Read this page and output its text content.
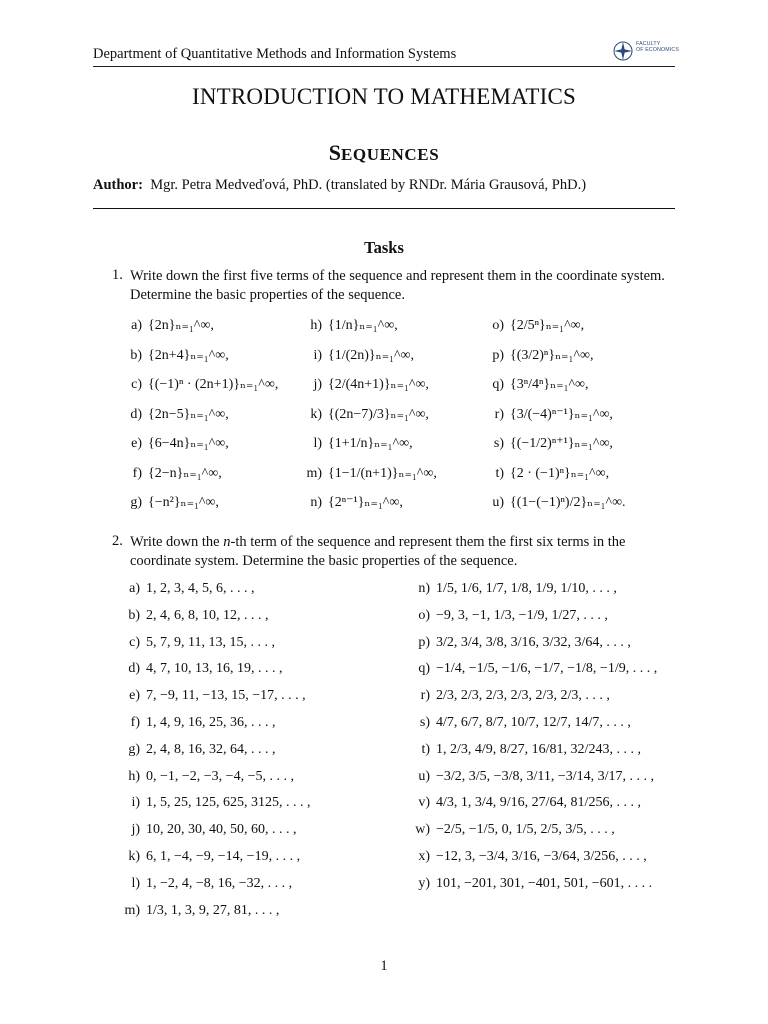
Department of Quantitative Methods and Information Systems
FACULTY
OF ECONOMICS
INTRODUCTION TO MATHEMATICS
SEQUENCES
Author: Mgr. Petra Medveďová, PhD. (translated by RNDr. Mária Grausová, PhD.)
Tasks
1. Write down the first five terms of the sequence and represent them in the coordinate system. Determine the basic properties of the sequence.
a) {2n}ₙ₌₁^∞,
b) {2n+4}ₙ₌₁^∞,
c) {(−1)ⁿ · (2n+1)}ₙ₌₁^∞,
d) {2n−5}ₙ₌₁^∞,
e) {6−4n}ₙ₌₁^∞,
f) {2−n}ₙ₌₁^∞,
g) {−n²}ₙ₌₁^∞,
h) {1/n}ₙ₌₁^∞,
i) {1/(2n)}ₙ₌₁^∞,
j) {2/(4n+1)}ₙ₌₁^∞,
k) {(2n−7)/3}ₙ₌₁^∞,
l) {1+1/n}ₙ₌₁^∞,
m) {1−1/(n+1)}ₙ₌₁^∞,
n) {2ⁿ⁻¹}ₙ₌₁^∞,
o) {2/5ⁿ}ₙ₌₁^∞,
p) {(3/2)ⁿ}ₙ₌₁^∞,
q) {3ⁿ/4ⁿ}ₙ₌₁^∞,
r) {3/(−4)ⁿ⁻¹}ₙ₌₁^∞,
s) {(−1/2)ⁿ⁺¹}ₙ₌₁^∞,
t) {2 · (−1)ⁿ}ₙ₌₁^∞,
u) {(1−(−1)ⁿ)/2}ₙ₌₁^∞.
2. Write down the n-th term of the sequence and represent them the first six terms in the coordinate system. Determine the basic properties of the sequence.
a) 1, 2, 3, 4, 5, 6, . . . ,
b) 2, 4, 6, 8, 10, 12, . . . ,
c) 5, 7, 9, 11, 13, 15, . . . ,
d) 4, 7, 10, 13, 16, 19, . . . ,
e) 7, −9, 11, −13, 15, −17, . . . ,
f) 1, 4, 9, 16, 25, 36, . . . ,
g) 2, 4, 8, 16, 32, 64, . . . ,
h) 0, −1, −2, −3, −4, −5, . . . ,
i) 1, 5, 25, 125, 625, 3125, . . . ,
j) 10, 20, 30, 40, 50, 60, . . . ,
k) 6, 1, −4, −9, −14, −19, . . . ,
l) 1, −2, 4, −8, 16, −32, . . . ,
m) 1/3, 1, 3, 9, 27, 81, . . . ,
n) 1/5, 1/6, 1/7, 1/8, 1/9, 1/10, . . . ,
o) −9, 3, −1, 1/3, −1/9, 1/27, . . . ,
p) 3/2, 3/4, 3/8, 3/16, 3/32, 3/64, . . . ,
q) −1/4, −1/5, −1/6, −1/7, −1/8, −1/9, . . . ,
r) 2/3, 2/3, 2/3, 2/3, 2/3, 2/3, . . . ,
s) 4/7, 6/7, 8/7, 10/7, 12/7, 14/7, . . . ,
t) 1, 2/3, 4/9, 8/27, 16/81, 32/243, . . . ,
u) −3/2, 3/5, −3/8, 3/11, −3/14, 3/17, . . . ,
v) 4/3, 1, 3/4, 9/16, 27/64, 81/256, . . . ,
w) −2/5, −1/5, 0, 1/5, 2/5, 3/5, . . . ,
x) −12, 3, −3/4, 3/16, −3/64, 3/256, . . . ,
y) 101, −201, 301, −401, 501, −601, . . . .
1
